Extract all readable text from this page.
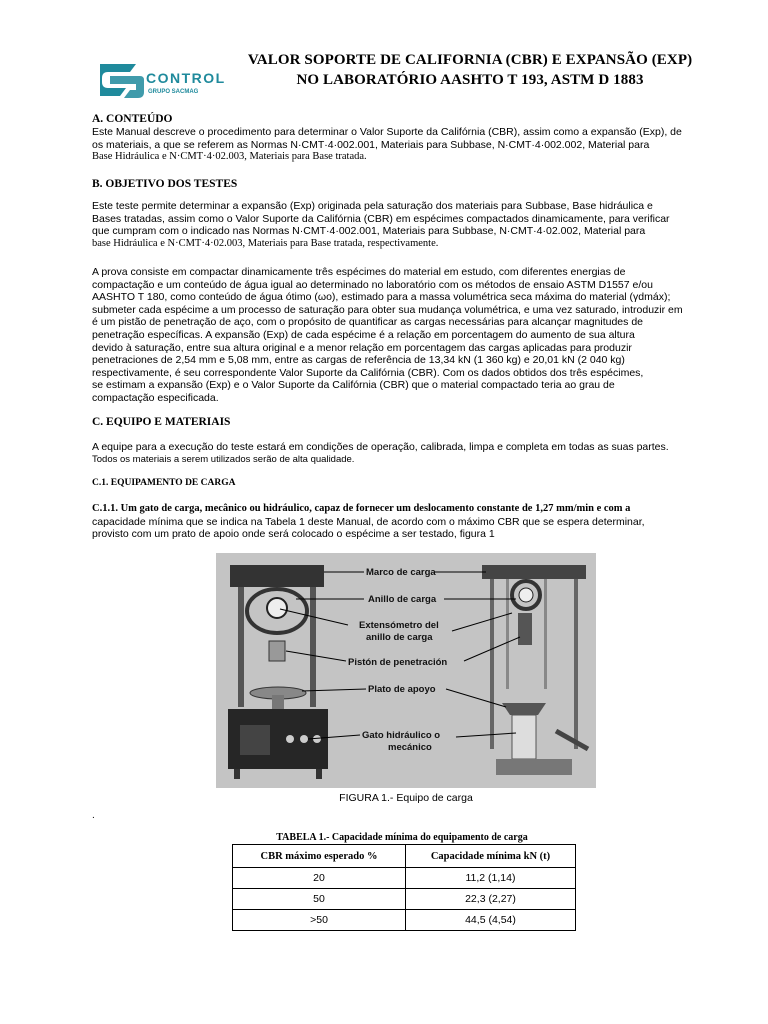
CONTROL
GRUPO SACMAG
VALOR SOPORTE DE CALIFORNIA (CBR) E EXPANSÃO (EXP)
NO LABORATÓRIO AASHTO T 193, ASTM D 1883
A. CONTEÚDO
Este Manual descreve o procedimento para determinar o Valor Suporte da Califórnia (CBR), assim como a expansão (Exp), de
os materiais, a que se referem as Normas N·CMT·4·002.001, Materiais para Subbase, N·CMT·4·002.002, Material para
Base Hidráulica e N·CMT·4·02.003, Materiais para Base tratada.
B. OBJETIVO DOS TESTES
Este teste permite determinar a expansão (Exp) originada pela saturação dos materiais para Subbase, Base hidráulica e
Bases tratadas, assim como o Valor Suporte da Califórnia (CBR) em espécimes compactados dinamicamente, para verificar
que cumpram com o indicado nas Normas N·CMT·4·002.001, Materiais para Subbase, N·CMT·4·02.002, Material para
base Hidráulica e N·CMT·4·02.003, Materiais para Base tratada, respectivamente.
A prova consiste em compactar dinamicamente três espécimes do material em estudo, com diferentes energias de
compactação e um conteúdo de água igual ao determinado no laboratório com os métodos de ensaio ASTM D1557 e/ou
AASHTO T 180, como conteúdo de água ótimo (ωo), estimado para a massa volumétrica seca máxima do material (γdmáx);
submeter cada espécime a um processo de saturação para obter sua mudança volumétrica, e uma vez saturado, introduzir em
é um pistão de penetração de aço, com o propósito de quantificar as cargas necessárias para alcançar magnitudes de
penetração específicas. A expansão (Exp) de cada espécime é a relação em porcentagem do aumento de sua altura
devido à saturação, entre sua altura original e a menor relação em porcentagem das cargas aplicadas para produzir
penetraciones de 2,54 mm e 5,08 mm, entre as cargas de referência de 13,34 kN (1 360 kg) e 20,01 kN (2 040 kg)
respectivamente, é seu correspondente Valor Suporte da Califórnia (CBR). Com os dados obtidos dos três espécimes,
se estimam a expansão (Exp) e o Valor Suporte da Califórnia (CBR) que o material compactado teria ao grau de
compactação especificada.
C. EQUIPO E MATERIAIS
A equipe para a execução do teste estará em condições de operação, calibrada, limpa e completa em todas as suas partes.
Todos os materiais a serem utilizados serão de alta qualidade.
C.1. EQUIPAMENTO DE CARGA
C.1.1. Um gato de carga, mecânico ou hidráulico, capaz de fornecer um deslocamento constante de 1,27 mm/min e com a
capacidade mínima que se indica na Tabela 1 deste Manual, de acordo com o máximo CBR que se espera determinar,
provisto com um prato de apoio onde será colocado o espécime a ser testado, figura 1
Marco de carga
Anillo de carga
Extensómetro del
anillo de carga
Pistón de penetración
Plato de apoyo
Gato hidráulico o
mecánico
FIGURA 1.- Equipo de carga
.
TABELA 1.- Capacidade mínima do equipamento de carga
CBR máximo esperado %	Capacidade mínima kN (t)
20	11,2 (1,14)
50	22,3 (2,27)
>50	44,5 (4,54)
